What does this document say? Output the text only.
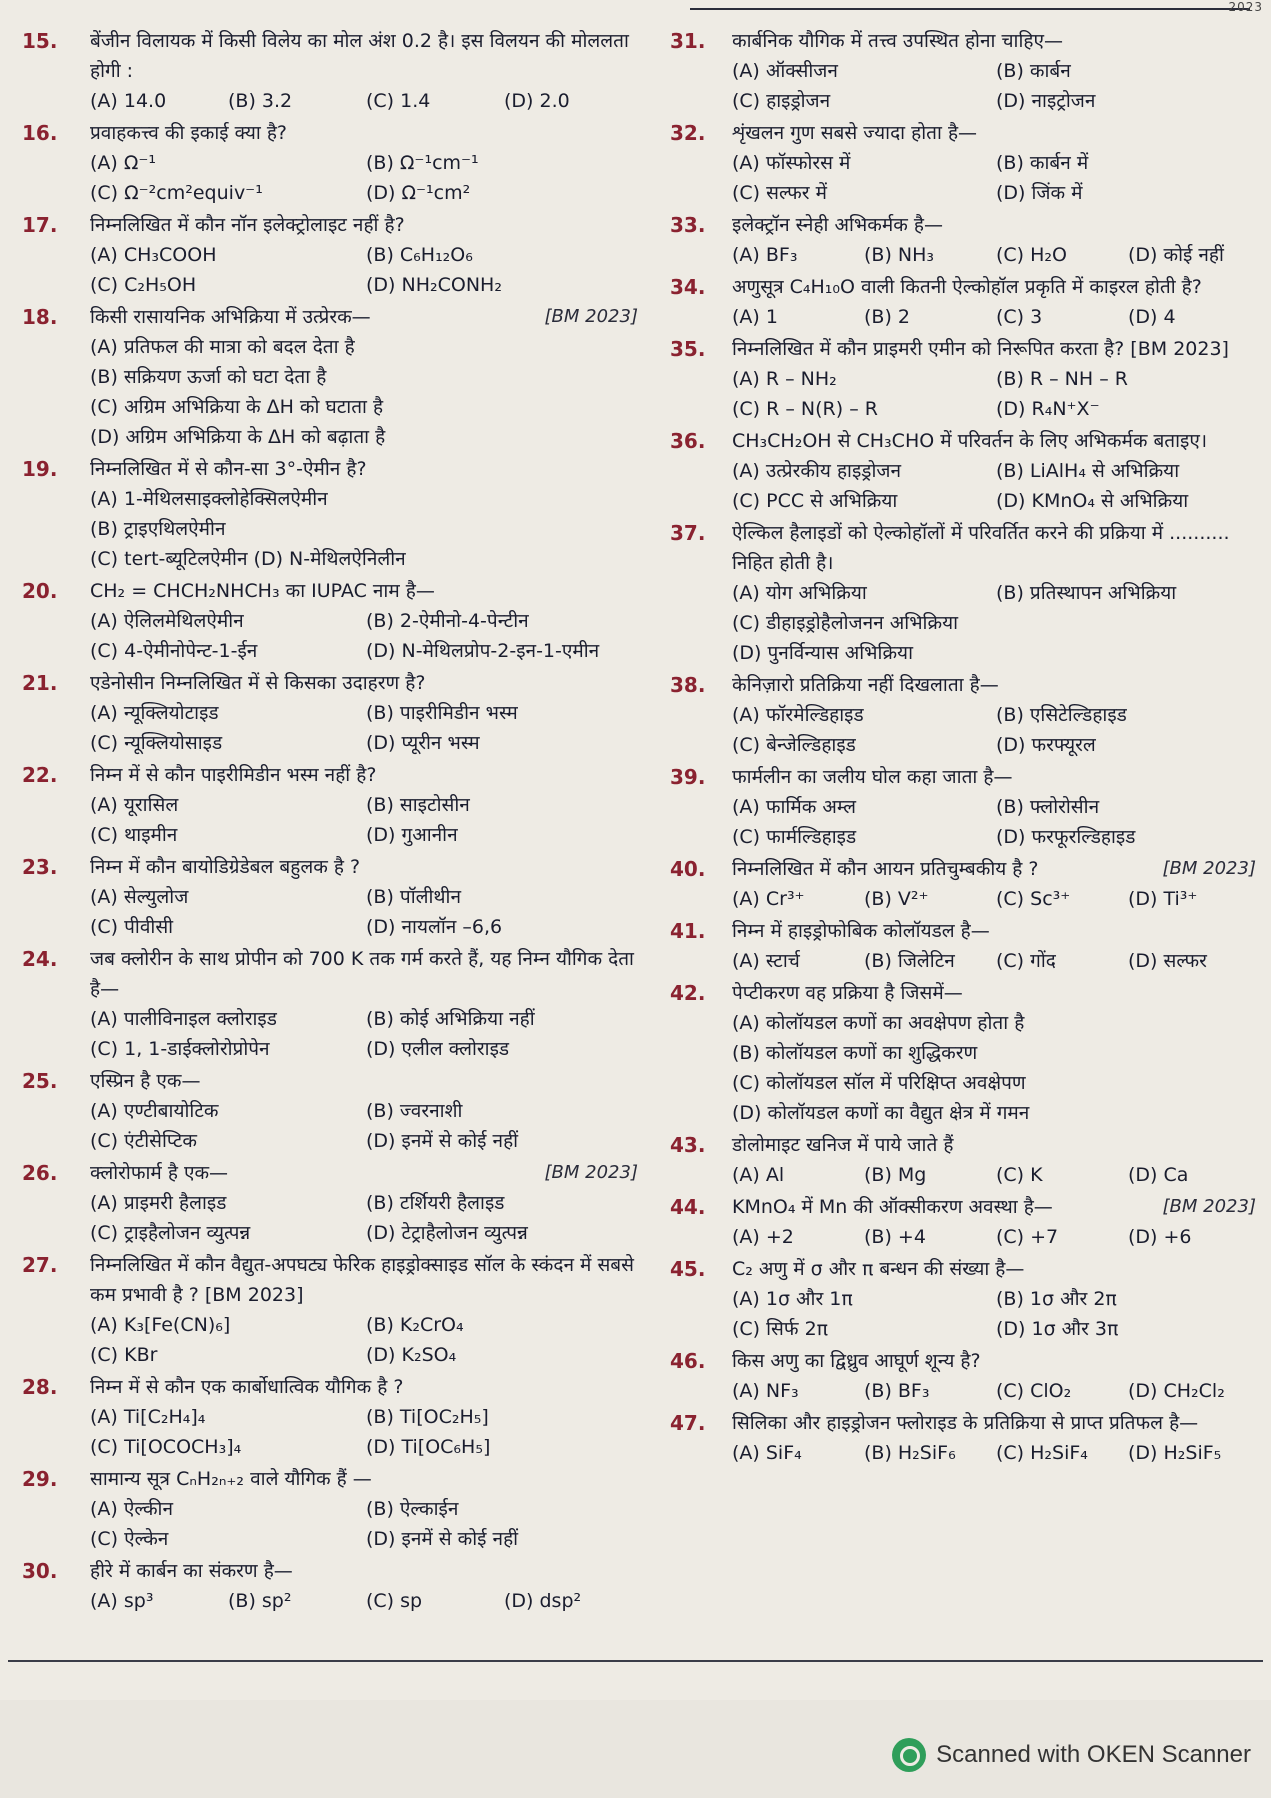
2023
15.	बेंजीन विलायक में किसी विलेय का मोल अंश 0.2 है। इस विलयन की मोललता होगी :
(A) 14.0	(B) 3.2	(C) 1.4	(D) 2.0
16.	प्रवाहकत्त्व की इकाई क्या है?
(A) Ω⁻¹	(B) Ω⁻¹cm⁻¹
(C) Ω⁻²cm²equiv⁻¹	(D) Ω⁻¹cm²
17.	निम्नलिखित में कौन नॉन इलेक्ट्रोलाइट नहीं है?
(A) CH₃COOH	(B) C₆H₁₂O₆
(C) C₂H₅OH	(D) NH₂CONH₂
18.	किसी रासायनिक अभिक्रिया में उत्प्रेरक—	[BM 2023]
(A) प्रतिफल की मात्रा को बदल देता है
(B) सक्रियण ऊर्जा को घटा देता है
(C) अग्रिम अभिक्रिया के ΔH को घटाता है
(D) अग्रिम अभिक्रिया के ΔH को बढ़ाता है
19.	निम्नलिखित में से कौन-सा 3°-ऐमीन है?
(A) 1-मेथिलसाइक्लोहेक्सिलऐमीन
(B) ट्राइएथिलऐमीन
(C) tert-ब्यूटिलऐमीन (D) N-मेथिलऐनिलीन
20.	CH₂ = CHCH₂NHCH₃ का IUPAC नाम है—
(A) ऐलिलमेथिलऐमीन	(B) 2-ऐमीनो-4-पेन्टीन
(C) 4-ऐमीनोपेन्ट-1-ईन	(D) N-मेथिलप्रोप-2-इन-1-एमीन
21.	एडेनोसीन निम्नलिखित में से किसका उदाहरण है?
(A) न्यूक्लियोटाइड	(B) पाइरीमिडीन भस्म
(C) न्यूक्लियोसाइड	(D) प्यूरीन भस्म
22.	निम्न में से कौन पाइरीमिडीन भस्म नहीं है?
(A) यूरासिल	(B) साइटोसीन
(C) थाइमीन	(D) गुआनीन
23.	निम्न में कौन बायोडिग्रेडेबल बहुलक है ?
(A) सेल्युलोज	(B) पॉलीथीन
(C) पीवीसी	(D) नायलॉन –6,6
24.	जब क्लोरीन के साथ प्रोपीन को 700 K तक गर्म करते हैं, यह निम्न यौगिक देता है—
(A) पालीविनाइल क्लोराइड	(B) कोई अभिक्रिया नहीं
(C) 1, 1-डाईक्लोरोप्रोपेन	(D) एलील क्लोराइड
25.	एस्प्रिन है एक—
(A) एण्टीबायोटिक	(B) ज्वरनाशी
(C) एंटीसेप्टिक	(D) इनमें से कोई नहीं
26.	क्लोरोफार्म है एक—	[BM 2023]
(A) प्राइमरी हैलाइड	(B) टर्शियरी हैलाइड
(C) ट्राइहैलोजन व्युत्पन्न	(D) टेट्राहैलोजन व्युत्पन्न
27.	निम्नलिखित में कौन वैद्युत-अपघट्य फेरिक हाइड्रोक्साइड सॉल के स्कंदन में सबसे कम प्रभावी है ? [BM 2023]
(A) K₃[Fe(CN)₆]	(B) K₂CrO₄
(C) KBr	(D) K₂SO₄
28.	निम्न में से कौन एक कार्बोधात्विक यौगिक है ?
(A) Ti[C₂H₄]₄	(B) Ti[OC₂H₅]
(C) Ti[OCOCH₃]₄	(D) Ti[OC₆H₅]
29.	सामान्य सूत्र CₙH₂ₙ₊₂ वाले यौगिक हैं —
(A) ऐल्कीन	(B) ऐल्काईन
(C) ऐल्केन	(D) इनमें से कोई नहीं
30.	हीरे में कार्बन का संकरण है—
(A) sp³	(B) sp²	(C) sp	(D) dsp²
31.	कार्बनिक यौगिक में तत्त्व उपस्थित होना चाहिए—
(A) ऑक्सीजन	(B) कार्बन
(C) हाइड्रोजन	(D) नाइट्रोजन
32.	शृंखलन गुण सबसे ज्यादा होता है—
(A) फॉस्फोरस में	(B) कार्बन में
(C) सल्फर में	(D) जिंक में
33.	इलेक्ट्रॉन स्नेही अभिकर्मक है—
(A) BF₃	(B) NH₃	(C) H₂O	(D) कोई नहीं
34.	अणुसूत्र C₄H₁₀O वाली कितनी ऐल्कोहॉल प्रकृति में काइरल होती है?
(A) 1	(B) 2	(C) 3	(D) 4
35.	निम्नलिखित में कौन प्राइमरी एमीन को निरूपित करता है? [BM 2023]
(A) R – NH₂	(B) R – NH – R
(C) R – N(R) – R	(D) R₄N⁺X⁻
36.	CH₃CH₂OH से CH₃CHO में परिवर्तन के लिए अभिकर्मक बताइए।
(A) उत्प्रेरकीय हाइड्रोजन	(B) LiAlH₄ से अभिक्रिया
(C) PCC से अभिक्रिया	(D) KMnO₄ से अभिक्रिया
37.	ऐल्किल हैलाइडों को ऐल्कोहॉलों में परिवर्तित करने की प्रक्रिया में .......... निहित होती है।
(A) योग अभिक्रिया	(B) प्रतिस्थापन अभिक्रिया
(C) डीहाइड्रोहैलोजनन अभिक्रिया
(D) पुनर्विन्यास अभिक्रिया
38.	केनिज़ारो प्रतिक्रिया नहीं दिखलाता है—
(A) फॉरमेल्डिहाइड	(B) एसिटेल्डिहाइड
(C) बेन्जेल्डिहाइड	(D) फरफ्यूरल
39.	फार्मलीन का जलीय घोल कहा जाता है—
(A) फार्मिक अम्ल	(B) फ्लोरोसीन
(C) फार्मल्डिहाइड	(D) फरफूरल्डिहाइड
40.	निम्नलिखित में कौन आयन प्रतिचुम्बकीय है ?	[BM 2023]
(A) Cr³⁺	(B) V²⁺	(C) Sc³⁺	(D) Ti³⁺
41.	निम्न में हाइड्रोफोबिक कोलॉयडल है—
(A) स्टार्च	(B) जिलेटिन	(C) गोंद	(D) सल्फर
42.	पेप्टीकरण वह प्रक्रिया है जिसमें—
(A) कोलॉयडल कणों का अवक्षेपण होता है
(B) कोलॉयडल कणों का शुद्धिकरण
(C) कोलॉयडल सॉल में परिक्षिप्त अवक्षेपण
(D) कोलॉयडल कणों का वैद्युत क्षेत्र में गमन
43.	डोलोमाइट खनिज में पाये जाते हैं
(A) Al	(B) Mg	(C) K	(D) Ca
44.	KMnO₄ में Mn की ऑक्सीकरण अवस्था है—	[BM 2023]
(A) +2	(B) +4	(C) +7	(D) +6
45.	C₂ अणु में σ और π बन्धन की संख्या है—
(A) 1σ और 1π	(B) 1σ और 2π
(C) सिर्फ 2π	(D) 1σ और 3π
46.	किस अणु का द्विध्रुव आघूर्ण शून्य है?
(A) NF₃	(B) BF₃	(C) ClO₂	(D) CH₂Cl₂
47.	सिलिका और हाइड्रोजन फ्लोराइड के प्रतिक्रिया से प्राप्त प्रतिफल है—
(A) SiF₄	(B) H₂SiF₆	(C) H₂SiF₄	(D) H₂SiF₅
Scanned with OKEN Scanner
